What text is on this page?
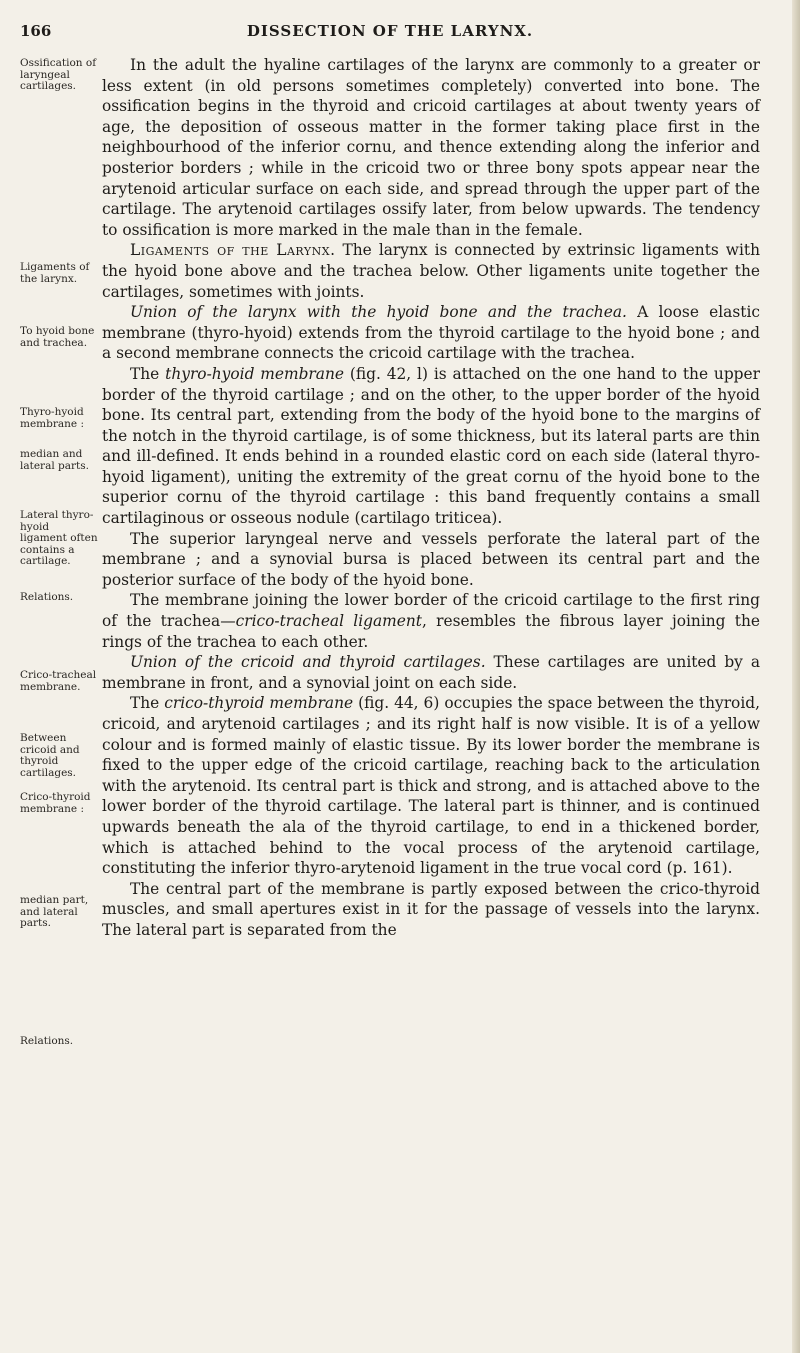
166	DISSECTION OF THE LARYNX.
Ossification of laryngeal cartilages.
Ligaments of the larynx.
To hyoid bone and trachea.
Thyro-hyoid membrane :
median and lateral parts.
Lateral thyro-hyoid ligament often contains a cartilage.
Relations.
Crico-tracheal membrane.
Between cricoid and thyroid cartilages.
Crico-thyroid membrane :
median part, and lateral parts.
Relations.

In the adult the hyaline cartilages of the larynx are commonly to a greater or less extent (in old persons sometimes completely) converted into bone. The ossification begins in the thyroid and cricoid cartilages at about twenty years of age, the deposition of osseous matter in the former taking place first in the neighbourhood of the inferior cornu, and thence extending along the inferior and posterior borders ; while in the cricoid two or three bony spots appear near the arytenoid articular surface on each side, and spread through the upper part of the cartilage. The arytenoid cartilages ossify later, from below upwards. The tendency to ossification is more marked in the male than in the female.

Ligaments of the Larynx. The larynx is connected by extrinsic ligaments with the hyoid bone above and the trachea below. Other ligaments unite together the cartilages, sometimes with joints.

Union of the larynx with the hyoid bone and the trachea. A loose elastic membrane (thyro-hyoid) extends from the thyroid cartilage to the hyoid bone ; and a second membrane connects the cricoid cartilage with the trachea.

The thyro-hyoid membrane (fig. 42, l) is attached on the one hand to the upper border of the thyroid cartilage ; and on the other, to the upper border of the hyoid bone. Its central part, extending from the body of the hyoid bone to the margins of the notch in the thyroid cartilage, is of some thickness, but its lateral parts are thin and ill-defined. It ends behind in a rounded elastic cord on each side (lateral thyro-hyoid ligament), uniting the extremity of the great cornu of the hyoid bone to the superior cornu of the thyroid cartilage : this band frequently contains a small cartilaginous or osseous nodule (cartilago triticea).

The superior laryngeal nerve and vessels perforate the lateral part of the membrane ; and a synovial bursa is placed between its central part and the posterior surface of the body of the hyoid bone.

The membrane joining the lower border of the cricoid cartilage to the first ring of the trachea—crico-tracheal ligament, resembles the fibrous layer joining the rings of the trachea to each other.

Union of the cricoid and thyroid cartilages. These cartilages are united by a membrane in front, and a synovial joint on each side.

The crico-thyroid membrane (fig. 44, 6) occupies the space between the thyroid, cricoid, and arytenoid cartilages ; and its right half is now visible. It is of a yellow colour and is formed mainly of elastic tissue. By its lower border the membrane is fixed to the upper edge of the cricoid cartilage, reaching back to the articulation with the arytenoid. Its central part is thick and strong, and is attached above to the lower border of the thyroid cartilage. The lateral part is thinner, and is continued upwards beneath the ala of the thyroid cartilage, to end in a thickened border, which is attached behind to the vocal process of the arytenoid cartilage, constituting the inferior thyro-arytenoid ligament in the true vocal cord (p. 161).

The central part of the membrane is partly exposed between the crico-thyroid muscles, and small apertures exist in it for the passage of vessels into the larynx. The lateral part is separated from the
